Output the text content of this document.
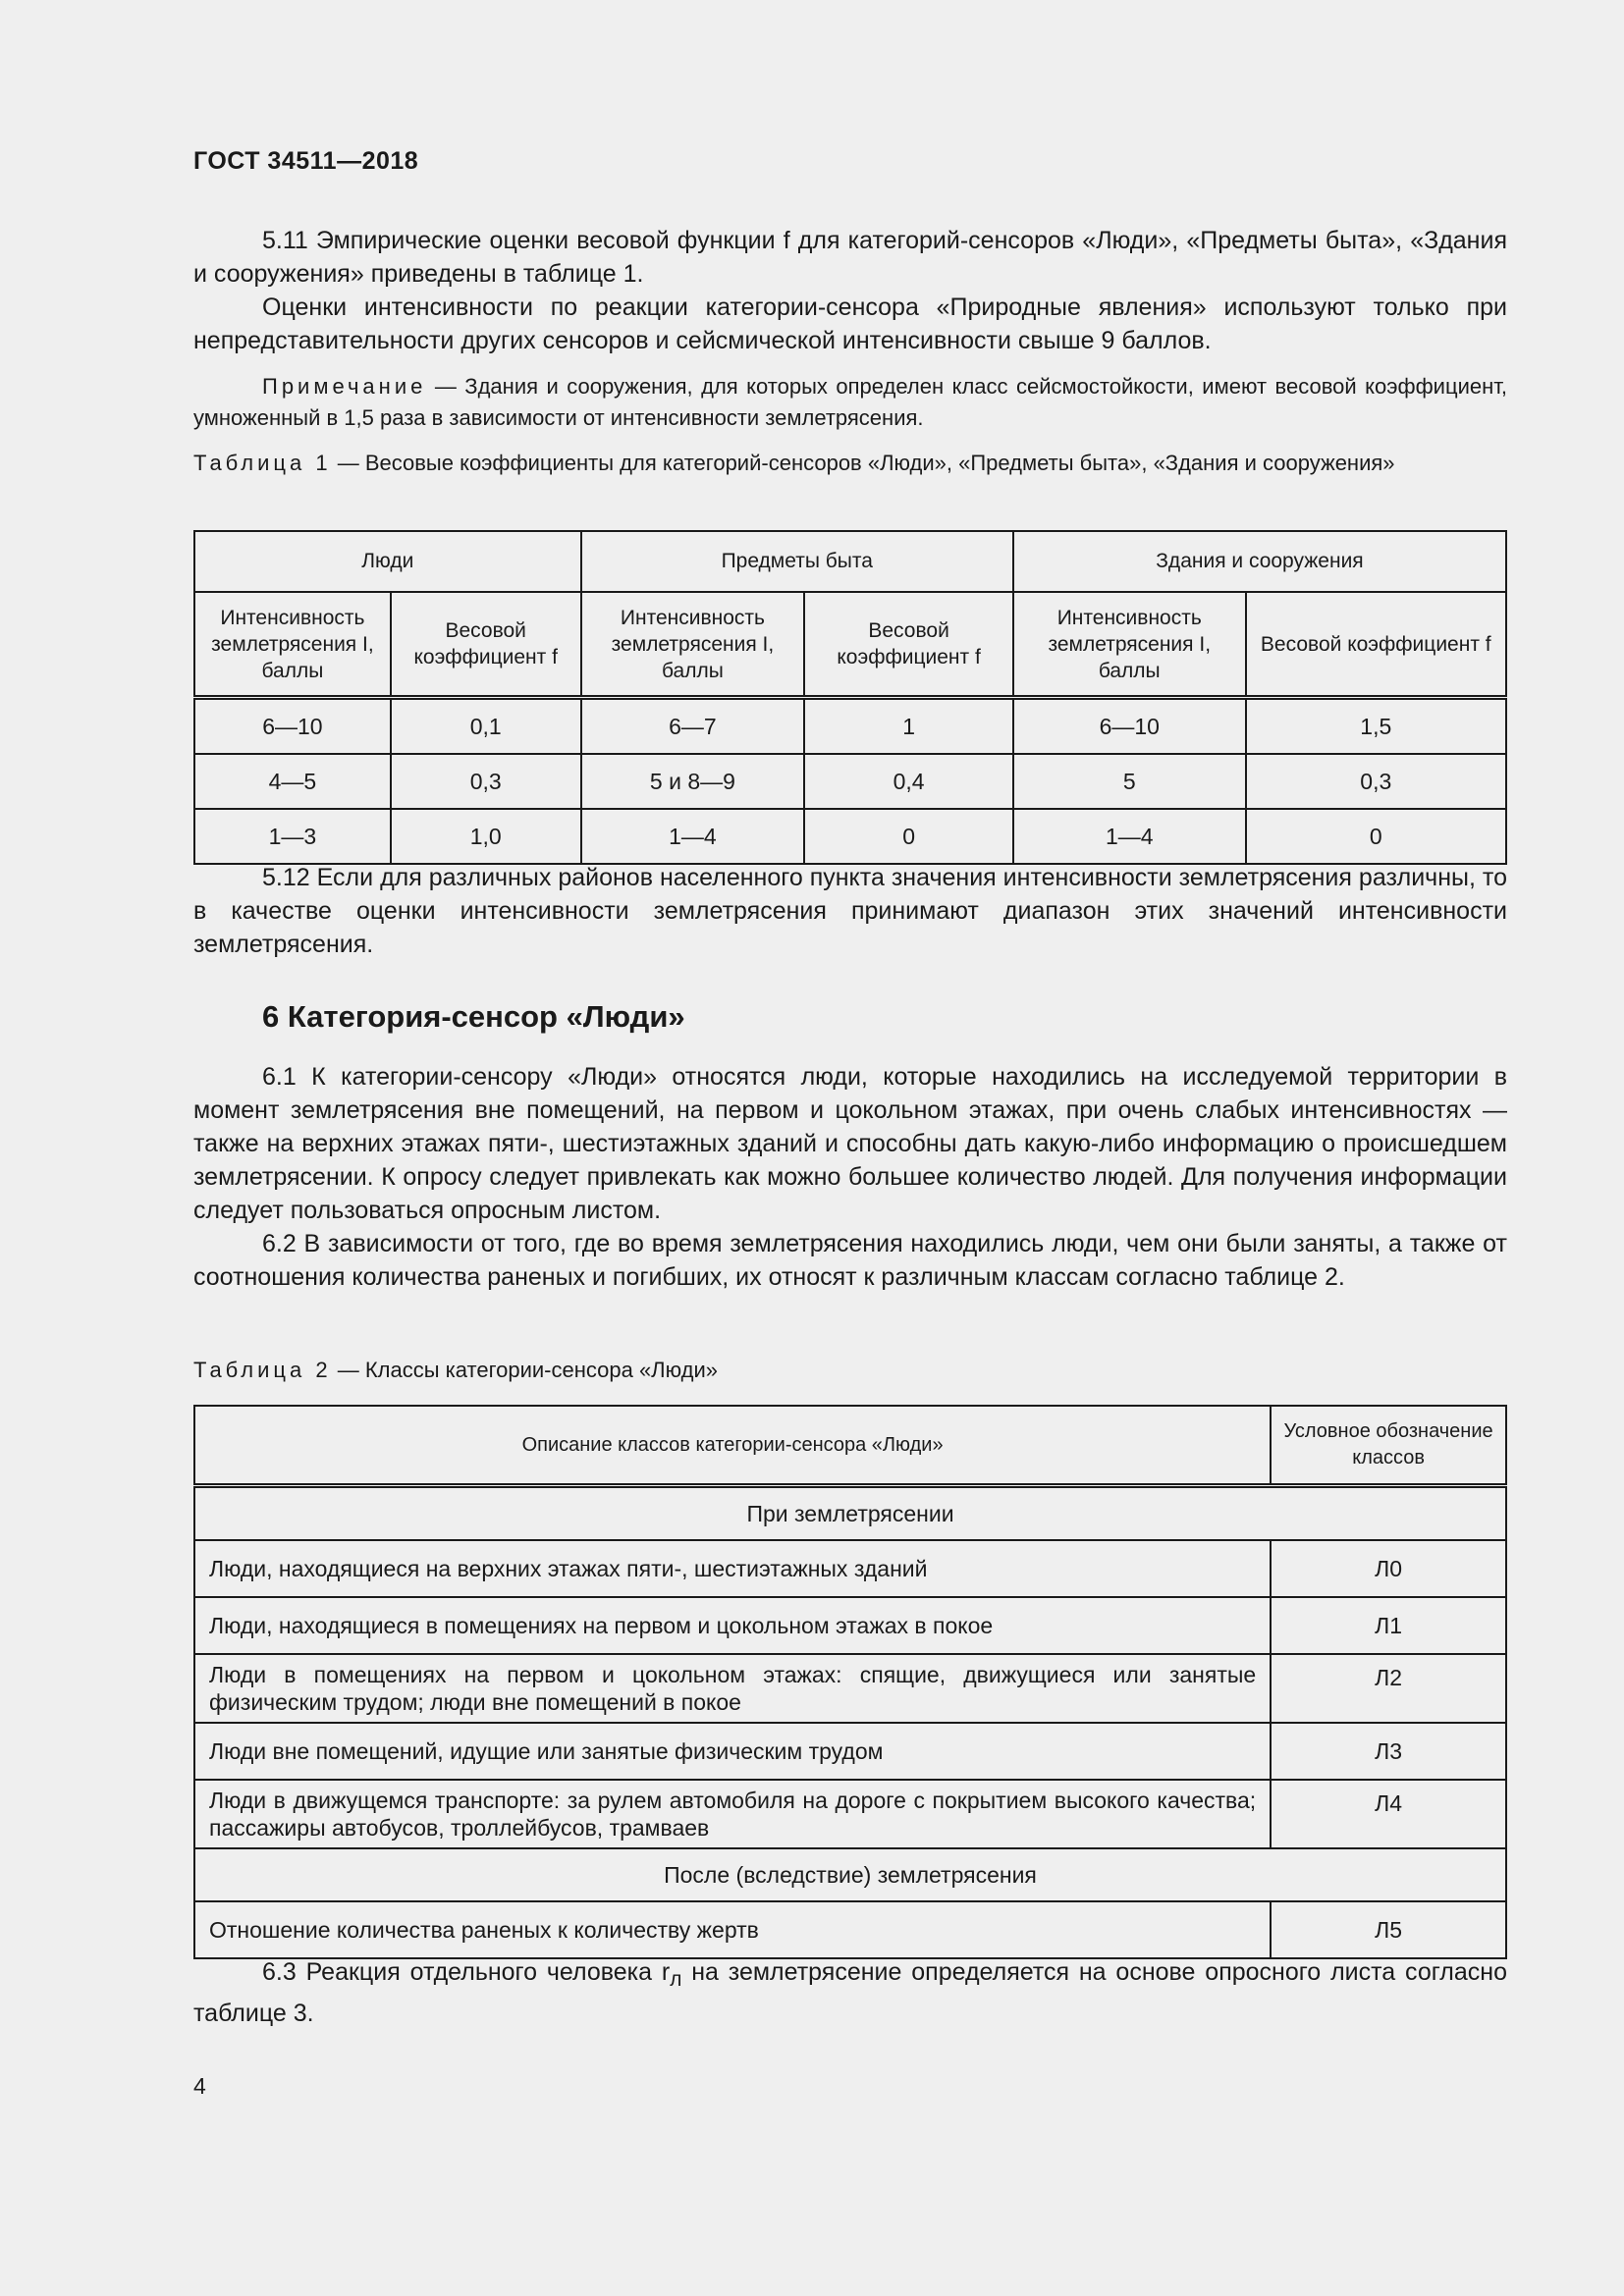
ГОСТ 34511—2018

5.11 Эмпирические оценки весовой функции f для категорий-сенсоров «Люди», «Предметы быта», «Здания и сооружения» приведены в таблице 1.

Оценки интенсивности по реакции категории-сенсора «Природные явления» используют только при непредставительности других сенсоров и сейсмической интенсивности свыше 9 баллов.

Примечание — Здания и сооружения, для которых определен класс сейсмостойкости, имеют весовой коэффициент, умноженный в 1,5 раза в зависимости от интенсивности землетрясения.

Таблица 1 — Весовые коэффициенты для категорий-сенсоров «Люди», «Предметы быта», «Здания и сооружения»

Люди		Предметы быта		Здания и сооружения	
Интенсивность землетрясения I, баллы	Весовой коэффициент f	Интенсивность землетрясения I, баллы	Весовой коэффициент f	Интенсивность землетрясения I, баллы	Весовой коэффициент f
6—10	0,1	6—7	1	6—10	1,5
4—5	0,3	5 и 8—9	0,4	5	0,3
1—3	1,0	1—4	0	1—4	0

5.12 Если для различных районов населенного пункта значения интенсивности землетрясения различны, то в качестве оценки интенсивности землетрясения принимают диапазон этих значений интенсивности землетрясения.

6 Категория-сенсор «Люди»

6.1 К категории-сенсору «Люди» относятся люди, которые находились на исследуемой территории в момент землетрясения вне помещений, на первом и цокольном этажах, при очень слабых интенсивностях — также на верхних этажах пяти-, шестиэтажных зданий и способны дать какую-либо информацию о происшедшем землетрясении. К опросу следует привлекать как можно большее количество людей. Для получения информации следует пользоваться опросным листом.

6.2 В зависимости от того, где во время землетрясения находились люди, чем они были заняты, а также от соотношения количества раненых и погибших, их относят к различным классам согласно таблице 2.

Таблица 2 — Классы категории-сенсора «Люди»

Описание классов категории-сенсора «Люди»	Условное обозначение классов
При землетрясении	
Люди, находящиеся на верхних этажах пяти-, шестиэтажных зданий	Л0
Люди, находящиеся в помещениях на первом и цокольном этажах в покое	Л1
Люди в помещениях на первом и цокольном этажах: спящие, движущиеся или занятые физическим трудом; люди вне помещений в покое	Л2
Люди вне помещений, идущие или занятые физическим трудом	Л3
Люди в движущемся транспорте: за рулем автомобиля на дороге с покрытием высокого качества; пассажиры автобусов, троллейбусов, трамваев	Л4
После (вследствие) землетрясения	
Отношение количества раненых к количеству жертв	Л5

6.3 Реакция отдельного человека $r_л$ на землетрясение определяется на основе опросного листа согласно таблице 3.

4
